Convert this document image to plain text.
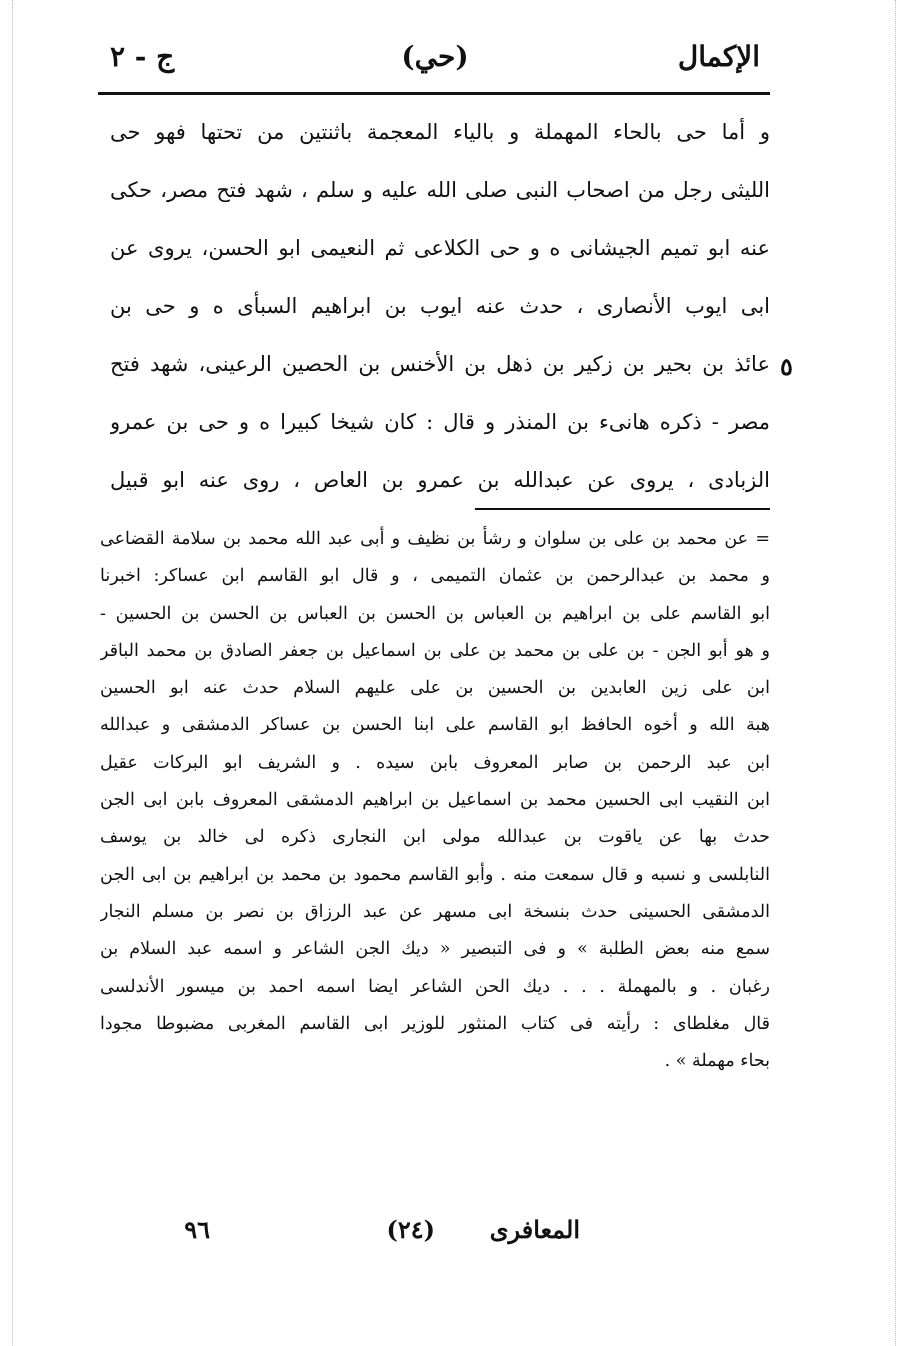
الإكمال
(حي)
ج - ٢
و أما حى بالحاء المهملة و بالياء المعجمة باثنتين من تحتها فهو حى
الليثى رجل من اصحاب النبى صلى الله عليه و سلم ، شهد فتح مصر، حكى
عنه ابو تميم الجيشانى ه و حى الكلاعى ثم النعيمى ابو الحسن، يروى عن
ابى ايوب الأنصارى ، حدث عنه ايوب بن ابراهيم السبأى ه و حى بن
عائذ بن بحير بن زكير بن ذهل بن الأخنس بن الحصين الرعينى، شهد فتح
مصر - ذكره هانىء بن المنذر و قال : كان شيخا كبيرا ه و حى بن عمرو
الزبادى ، يروى عن عبدالله بن عمرو بن العاص ، روى عنه ابو قبيل
٥
= عن محمد بن على بن سلوان و رشأ بن نظيف و أبى عبد الله محمد بن سلامة القضاعى
و محمد بن عبدالرحمن بن عثمان التميمى ، و قال ابو القاسم ابن عساكر: اخبرنا
ابو القاسم على بن ابراهيم بن العباس بن الحسن بن العباس بن الحسن بن الحسين -
و هو أبو الجن - بن على بن محمد بن على بن اسماعيل بن جعفر الصادق بن محمد الباقر
ابن على زين العابدين بن الحسين بن على عليهم السلام حدث عنه ابو الحسين
هبة الله و أخوه الحافظ ابو القاسم على ابنا الحسن بن عساكر الدمشقى و عبدالله
ابن عبد الرحمن بن صابر المعروف بابن سيده . و الشريف ابو البركات عقيل
ابن النقيب ابى الحسين محمد بن اسماعيل بن ابراهيم الدمشقى المعروف بابن ابى الجن
حدث بها عن ياقوت بن عبدالله مولى ابن النجارى ذكره لى خالد بن يوسف
النابلسى و نسبه و قال سمعت منه . وأبو القاسم محمود بن محمد بن ابراهيم بن ابى الجن
الدمشقى الحسينى حدث بنسخة ابى مسهر عن عبد الرزاق بن نصر بن مسلم النجار
سمع منه بعض الطلبة » و فى التبصير « ديك الجن الشاعر و اسمه عبد السلام بن
رغبان . و بالمهملة . . . ديك الحن الشاعر ايضا اسمه احمد بن ميسور الأندلسى
قال مغلطاى : رأيته فى كتاب المنثور للوزير ابى القاسم المغربى مضبوطا مجودا
بحاء مهملة » .
٩٦	(٢٤) المعافرى
